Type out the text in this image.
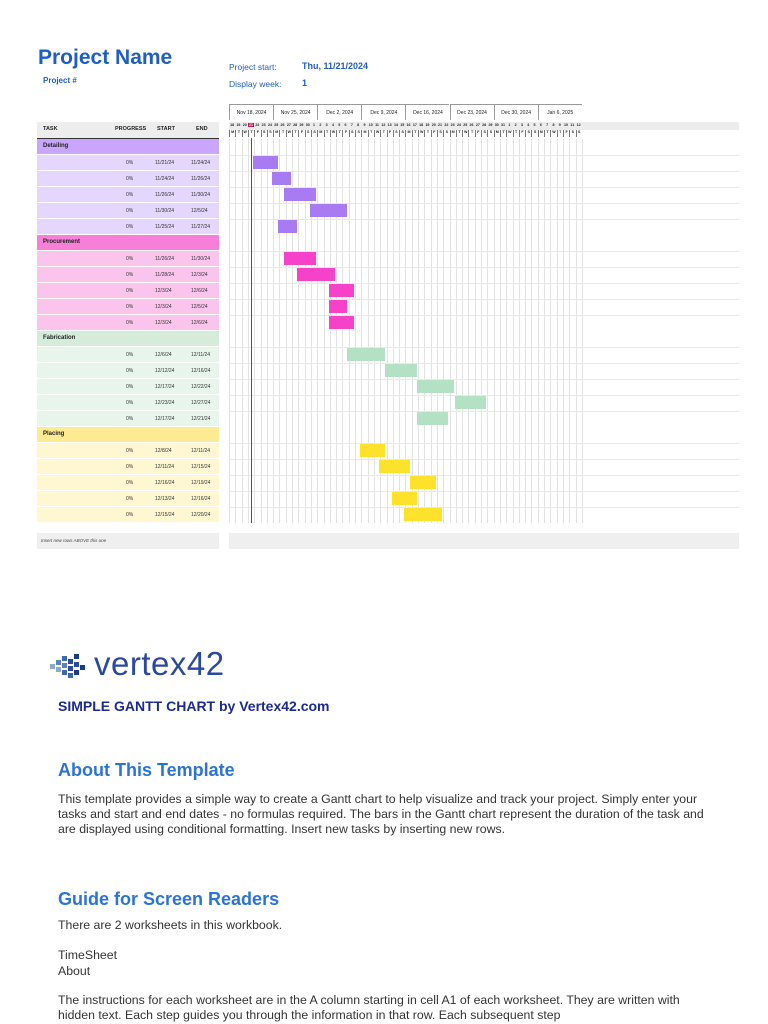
Project Name
Project #
Project start:	Thu, 11/21/2024
Display week: 1
TASK	PROGRESS START	END
Detailing
0%	11/21/24	11/24/24
0%	11/24/24	11/26/24
0%	11/26/24	11/30/24
0%	11/30/24	12/5/24
0%	11/25/24	11/27/24
Procurement
0%	11/26/24	11/30/24
0%	11/28/24	12/3/24
0%	12/3/24	12/6/24
0%	12/3/24	12/5/24
0%	12/3/24	12/6/24
Fabrication
0%	12/6/24	12/11/24
0%	12/12/24	12/16/24
0%	12/17/24	12/22/24
0%	12/23/24	12/27/24
0%	12/17/24	12/21/24
Placing
0%	12/8/24	12/11/24
0%	12/11/24	12/15/24
0%	12/16/24	12/19/24
0%	12/13/24	12/16/24
0%	12/15/24	12/20/24
Insert new rows ABOVE this one
Nov 18, 2024	Nov 25, 2024	Dec 2, 2024	Dec 9, 2024	Dec 16, 2024	Dec 23, 2024	Dec 30, 2024	Jan 6, 2025
18
M
19
T
20
W
21
T
22
F
23
S
24
S
25
M
26
T
27
W
28
T
29
F
30
S
1
S
2
M
3
T
4
W
5
T
6
F
7
S
8
S
9
M
10
T
11
W
12
T
13
F
14
S
15
S
16
M
17
T
18
W
19
T
20
F
21
S
22
S
23
M
24
T
25
W
26
T
27
F
28
S
29
S
30
M
31
T
1
W
2
T
3
F
4
S
5
S
6
M
7
T
8
W
9
T
10
F
11
S
12
S
vertex42
SIMPLE GANTT CHART by Vertex42.com
About This Template
This template provides a simple way to create a Gantt chart to help visualize and track your project. Simply enter your tasks and start and end dates - no formulas required. The bars in the Gantt chart represent the duration of the task and are displayed using conditional formatting. Insert new tasks by inserting new rows.
Guide for Screen Readers
There are 2 worksheets in this workbook.
TimeSheet
About
The instructions for each worksheet are in the A column starting in cell A1 of each worksheet. They are written with hidden text. Each step guides you through the information in that row. Each subsequent step
